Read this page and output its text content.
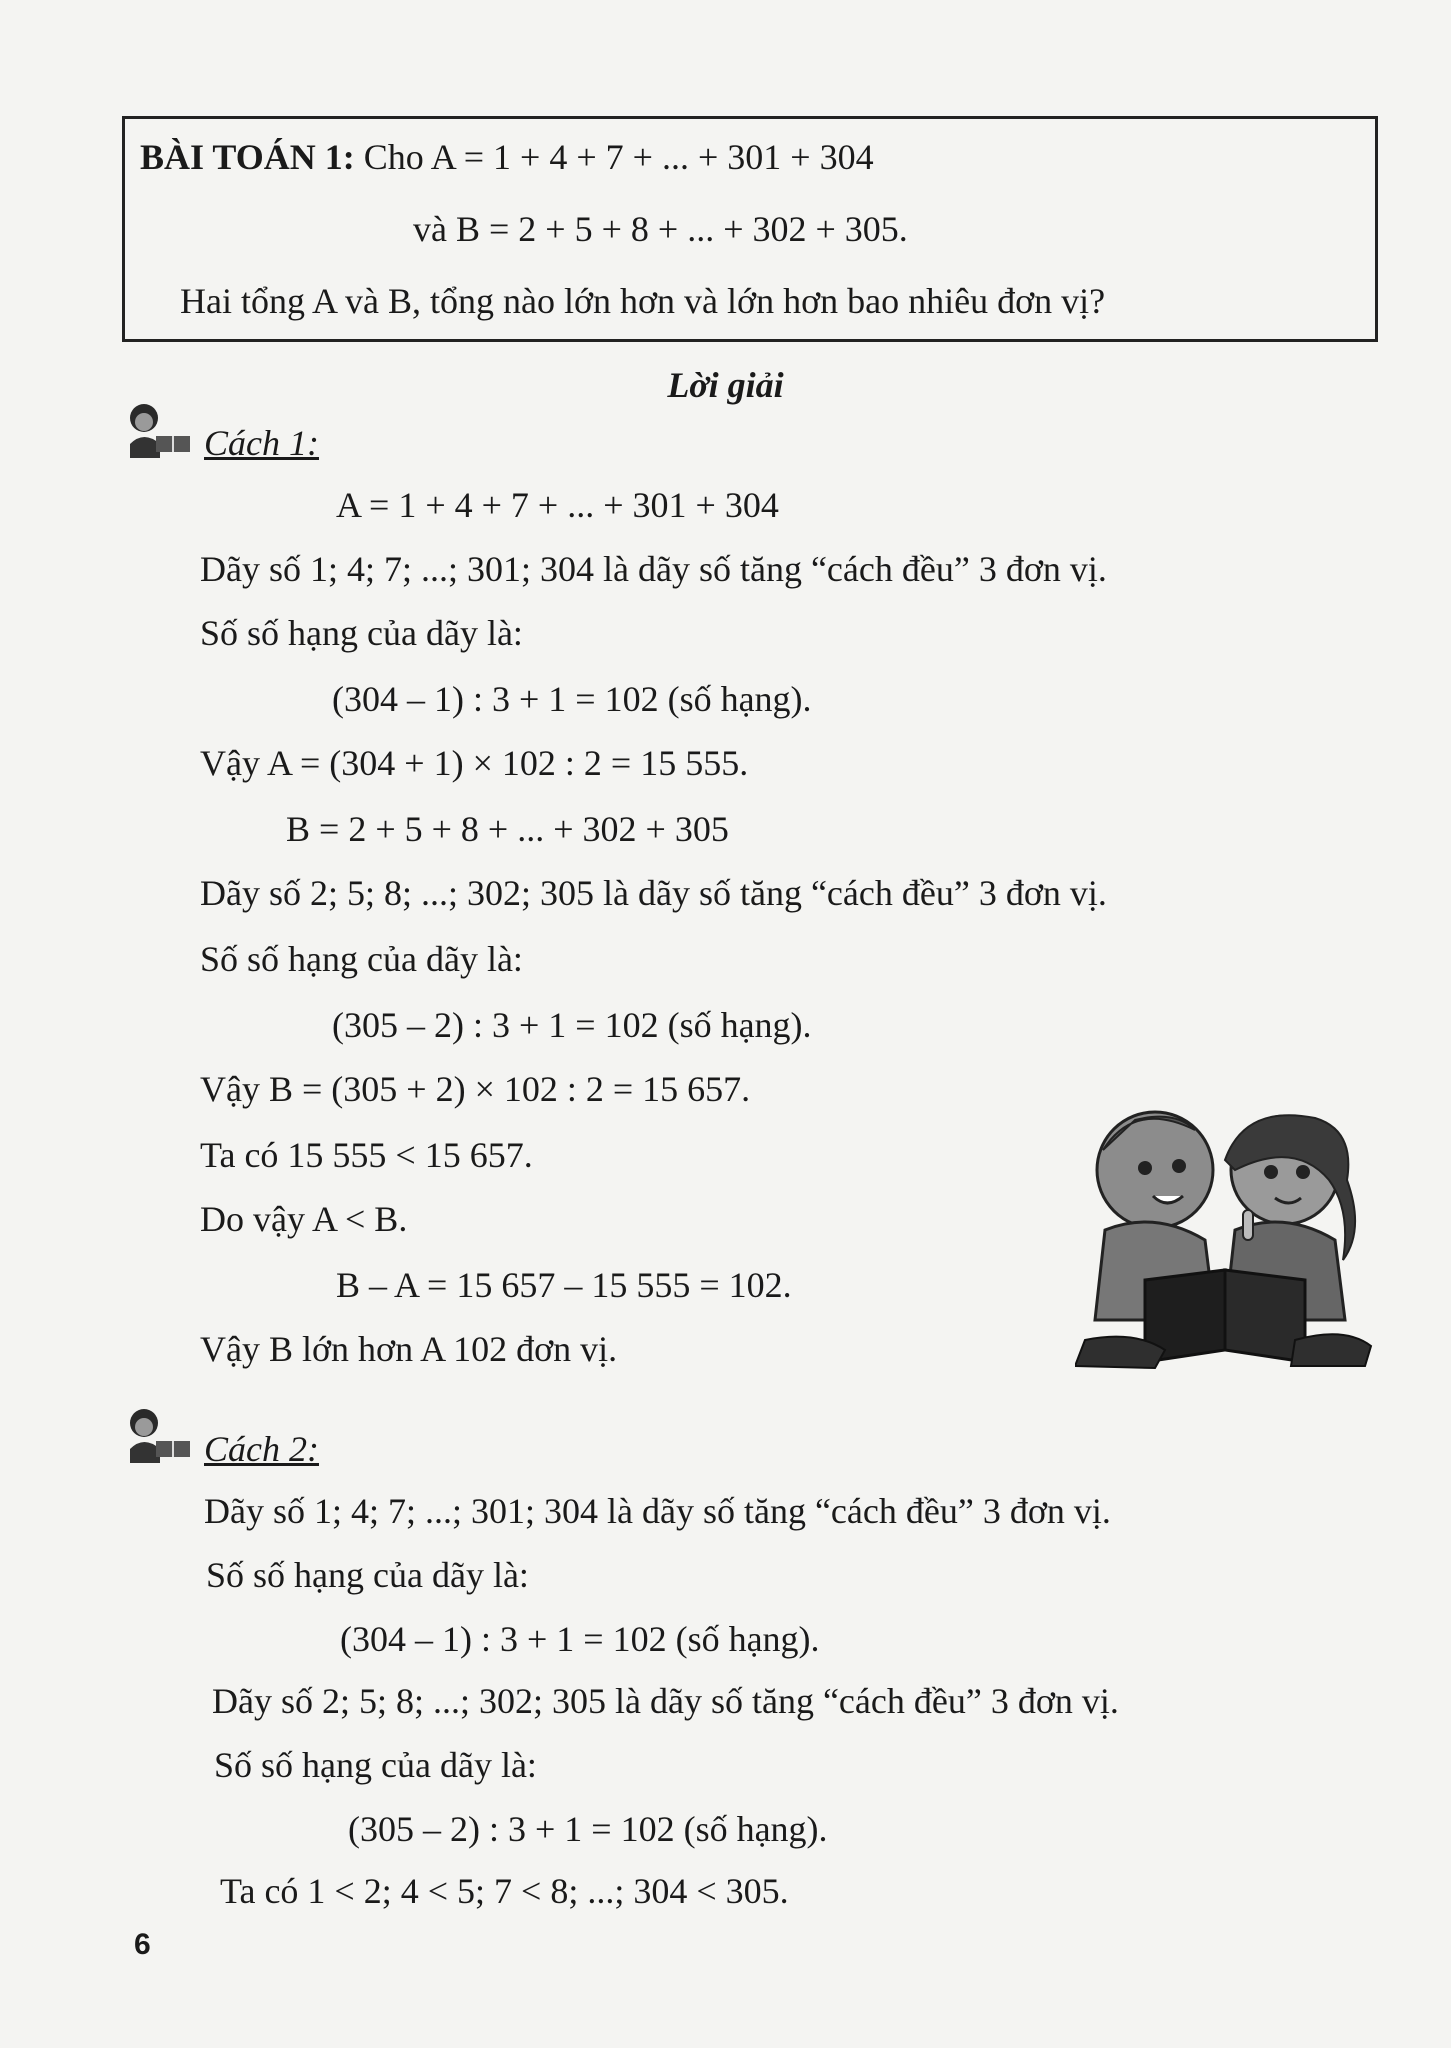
BÀI TOÁN 1: Cho A = 1 + 4 + 7 + ... + 301 + 304
và B = 2 + 5 + 8 + ... + 302 + 305.
Hai tổng A và B, tổng nào lớn hơn và lớn hơn bao nhiêu đơn vị?
Lời giải
Cách 1:
A = 1 + 4 + 7 + ... + 301 + 304
Dãy số 1; 4; 7; ...; 301; 304 là dãy số tăng “cách đều” 3 đơn vị.
Số số hạng của dãy là:
(304 – 1) : 3 + 1 = 102 (số hạng).
Vậy A = (304 + 1) × 102 : 2 = 15 555.
B = 2 + 5 + 8 + ... + 302 + 305
Dãy số 2; 5; 8; ...; 302; 305 là dãy số tăng “cách đều” 3 đơn vị.
Số số hạng của dãy là:
(305 – 2) : 3 + 1 = 102 (số hạng).
Vậy B = (305 + 2) × 102 : 2 = 15 657.
Ta có 15 555 < 15 657.
Do vậy A < B.
B – A = 15 657 – 15 555 = 102.
Vậy B lớn hơn A 102 đơn vị.
Cách 2:
Dãy số 1; 4; 7; ...; 301; 304 là dãy số tăng “cách đều” 3 đơn vị.
Số số hạng của dãy là:
(304 – 1) : 3 + 1 = 102 (số hạng).
Dãy số 2; 5; 8; ...; 302; 305 là dãy số tăng “cách đều” 3 đơn vị.
Số số hạng của dãy là:
(305 – 2) : 3 + 1 = 102 (số hạng).
Ta có 1 < 2; 4 < 5; 7 < 8; ...; 304 < 305.
6
